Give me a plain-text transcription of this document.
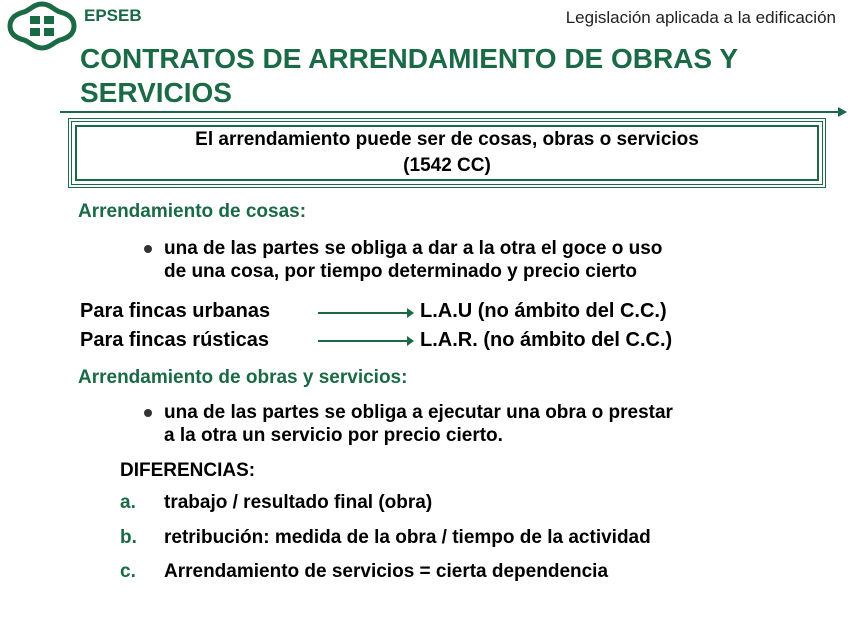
EPSEB	Legislación aplicada a la edificación
CONTRATOS DE ARRENDAMIENTO DE OBRAS Y
SERVICIOS
El arrendamiento puede ser de cosas, obras o servicios
(1542 CC)
Arrendamiento de cosas:
una de las partes se obliga a dar a la otra el goce o uso
de una cosa, por tiempo determinado y precio cierto
Para fincas urbanas	L.A.U (no ámbito del C.C.)
Para fincas rústicas	L.A.R. (no ámbito del C.C.)
Arrendamiento de obras y servicios:
una de las partes se obliga a ejecutar una obra o prestar
a la otra un servicio por precio cierto.
DIFERENCIAS:
a. trabajo / resultado final (obra)
b. retribución: medida de la obra / tiempo de la actividad
c. Arrendamiento de servicios = cierta dependencia
